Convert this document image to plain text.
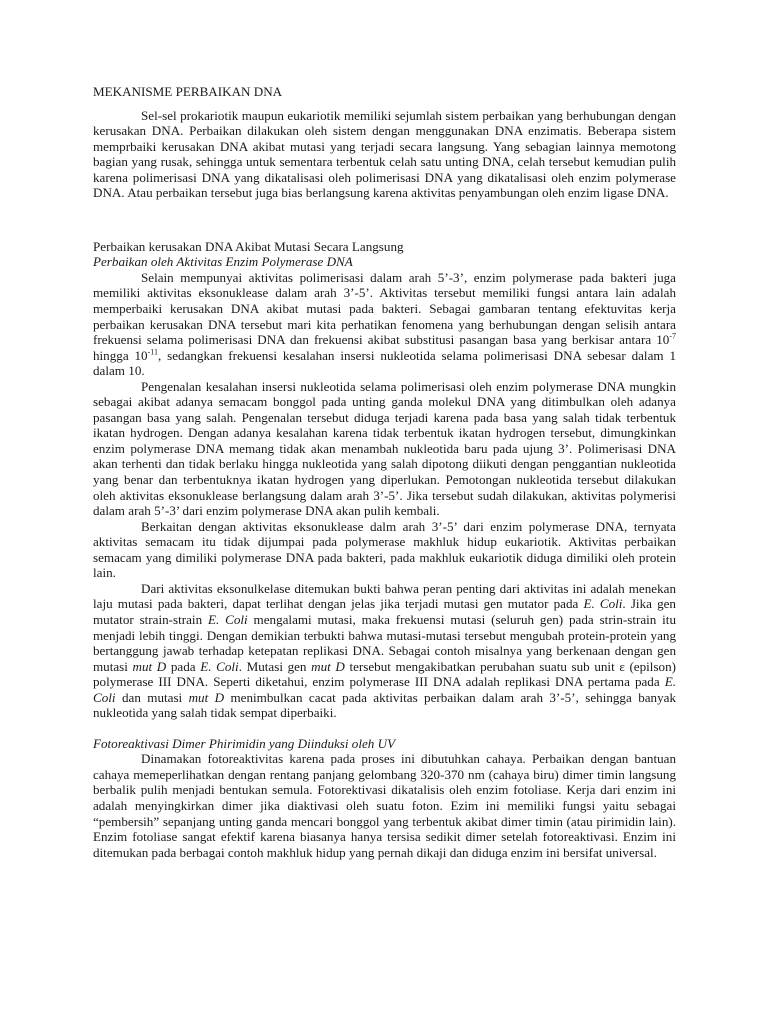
MEKANISME PERBAIKAN DNA

Sel-sel prokariotik maupun eukariotik memiliki sejumlah sistem perbaikan yang berhubungan dengan kerusakan DNA. Perbaikan dilakukan oleh sistem dengan menggunakan DNA enzimatis. Beberapa sistem memprbaiki kerusakan DNA akibat mutasi yang terjadi secara langsung. Yang sebagian lainnya memotong bagian yang rusak, sehingga untuk sementara terbentuk celah satu unting DNA, celah tersebut kemudian pulih karena polimerisasi DNA yang dikatalisasi oleh polimerisasi DNA yang dikatalisasi oleh enzim polymerase DNA. Atau perbaikan tersebut juga bias berlangsung karena aktivitas penyambungan oleh enzim ligase DNA.

Perbaikan kerusakan DNA Akibat Mutasi Secara Langsung

Perbaikan oleh Aktivitas Enzim Polymerase DNA

Selain mempunyai aktivitas polimerisasi dalam arah 5’-3’, enzim polymerase pada bakteri juga memiliki aktivitas eksonuklease dalam arah 3’-5’. Aktivitas tersebut memiliki fungsi antara lain adalah memperbaiki kerusakan DNA akibat mutasi pada bakteri. Sebagai gambaran tentang efektuvitas kerja perbaikan kerusakan DNA tersebut mari kita perhatikan fenomena yang berhubungan dengan selisih antara frekuensi selama polimerisasi DNA dan frekuensi akibat substitusi pasangan basa yang berkisar antara $10^{-7}$ hingga $10^{-11}$, sedangkan frekuensi kesalahan insersi nukleotida selama polimerisasi DNA sebesar dalam 1 dalam 10.

Pengenalan kesalahan insersi nukleotida selama polimerisasi oleh enzim polymerase DNA mungkin sebagai akibat adanya semacam bonggol pada unting ganda molekul DNA yang ditimbulkan oleh adanya pasangan basa yang salah. Pengenalan tersebut diduga terjadi karena pada basa yang salah tidak terbentuk ikatan hydrogen. Dengan adanya kesalahan karena tidak terbentuk ikatan hydrogen tersebut, dimungkinkan enzim polymerase DNA memang tidak akan menambah nukleotida baru pada ujung 3’. Polimerisasi DNA akan terhenti dan tidak berlaku hingga nukleotida yang salah dipotong diikuti dengan penggantian nukleotida yang benar dan terbentuknya ikatan hydrogen yang diperlukan. Pemotongan nukleotida tersebut dilakukan oleh aktivitas eksonuklease berlangsung dalam arah 3’-5’. Jika tersebut sudah dilakukan, aktivitas polymerisi dalam arah 5’-3’ dari enzim polymerase DNA akan pulih kembali.

Berkaitan dengan aktivitas eksonuklease dalm arah 3’-5’ dari enzim polymerase DNA, ternyata aktivitas semacam itu tidak dijumpai pada polymerase makhluk hidup eukariotik. Aktivitas perbaikan semacam yang dimiliki polymerase DNA pada bakteri, pada makhluk eukariotik diduga dimiliki oleh protein lain.

Dari aktivitas eksonulkelase ditemukan bukti bahwa peran penting dari aktivitas ini adalah menekan laju mutasi pada bakteri, dapat terlihat dengan jelas jika terjadi mutasi gen mutator pada E. Coli. Jika gen mutator strain-strain E. Coli mengalami mutasi, maka frekuensi mutasi (seluruh gen) pada strin-strain itu menjadi lebih tinggi. Dengan demikian terbukti bahwa mutasi-mutasi tersebut mengubah protein-protein yang bertanggung jawab terhadap ketepatan replikasi DNA. Sebagai contoh misalnya yang berkenaan dengan gen mutasi mut D pada E. Coli. Mutasi gen mut D tersebut mengakibatkan perubahan suatu sub unit ε (epilson) polymerase III DNA. Seperti diketahui, enzim polymerase III DNA adalah replikasi DNA pertama pada E. Coli dan mutasi mut D menimbulkan cacat pada aktivitas perbaikan dalam arah 3’-5’, sehingga banyak nukleotida yang salah tidak sempat diperbaiki.

Fotoreaktivasi Dimer Phirimidin yang Diinduksi oleh UV

Dinamakan fotoreaktivitas karena pada proses ini dibutuhkan cahaya. Perbaikan dengan bantuan cahaya memeperlihatkan dengan rentang panjang gelombang 320-370 nm (cahaya biru) dimer timin langsung berbalik pulih menjadi bentukan semula. Fotorektivasi dikatalisis oleh enzim fotoliase. Kerja dari enzim ini adalah menyingkirkan dimer jika diaktivasi oleh suatu foton. Ezim ini memiliki fungsi yaitu sebagai “pembersih” sepanjang unting ganda mencari bonggol yang terbentuk akibat dimer timin (atau pirimidin lain). Enzim fotoliase sangat efektif karena biasanya hanya tersisa sedikit dimer setelah fotoreaktivasi. Enzim ini ditemukan pada berbagai contoh makhluk hidup yang pernah dikaji dan diduga enzim ini bersifat universal.
